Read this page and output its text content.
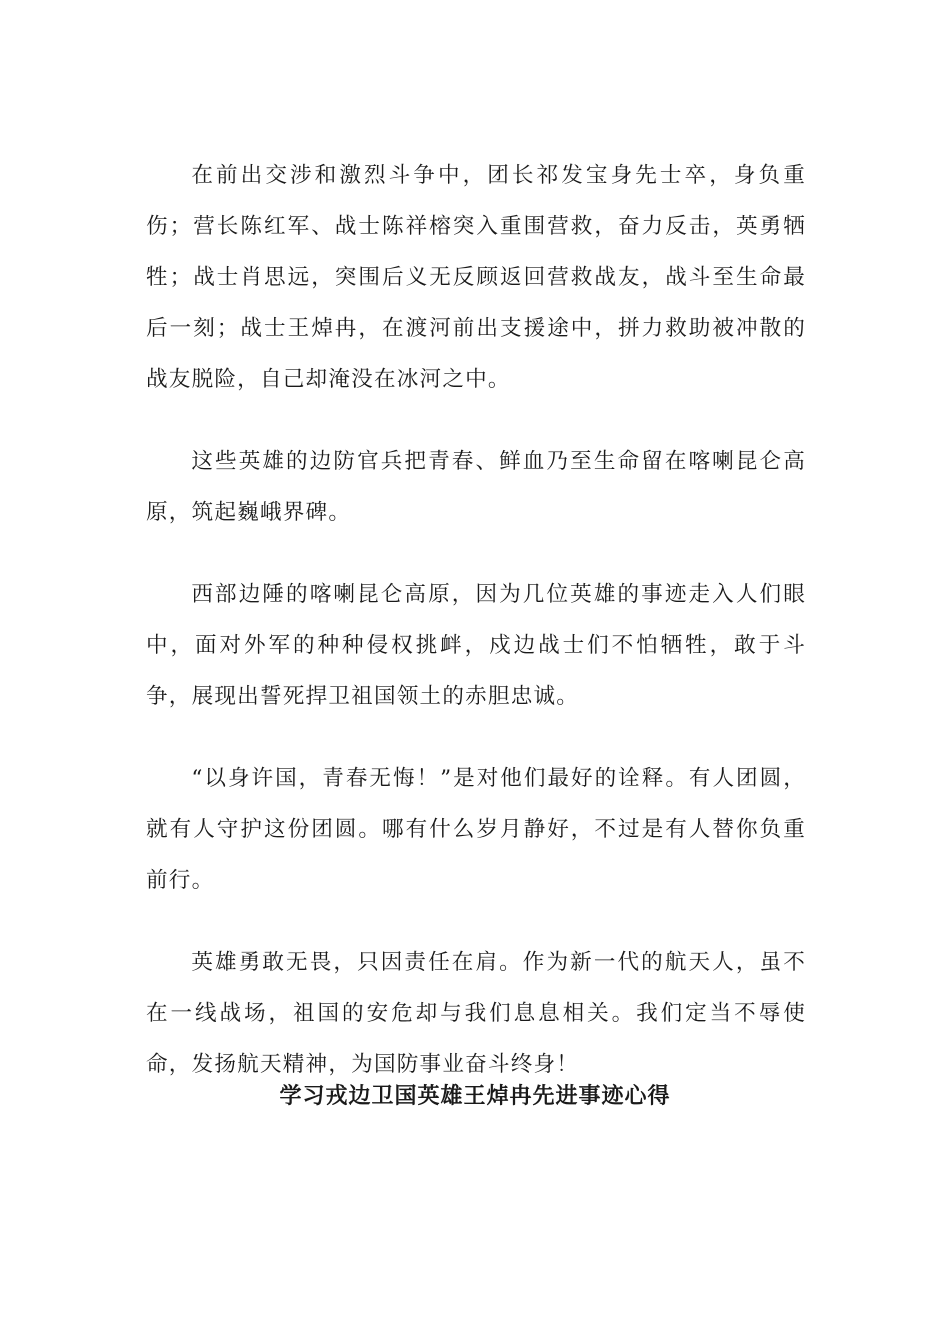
在前出交涉和激烈斗争中，团长祁发宝身先士卒，身负重伤；营长陈红军、战士陈祥榕突入重围营救，奋力反击，英勇牺牲；战士肖思远，突围后义无反顾返回营救战友，战斗至生命最后一刻；战士王焯冉，在渡河前出支援途中，拼力救助被冲散的战友脱险，自己却淹没在冰河之中。

这些英雄的边防官兵把青春、鲜血乃至生命留在喀喇昆仑高原，筑起巍峨界碑。

西部边陲的喀喇昆仑高原，因为几位英雄的事迹走入人们眼中，面对外军的种种侵权挑衅，戍边战士们不怕牺牲，敢于斗争，展现出誓死捍卫祖国领土的赤胆忠诚。

“以身许国，青春无悔！”是对他们最好的诠释。有人团圆，就有人守护这份团圆。哪有什么岁月静好，不过是有人替你负重前行。

英雄勇敢无畏，只因责任在肩。作为新一代的航天人，虽不在一线战场，祖国的安危却与我们息息相关。我们定当不辱使命，发扬航天精神，为国防事业奋斗终身！

学习戎边卫国英雄王焯冉先进事迹心得
